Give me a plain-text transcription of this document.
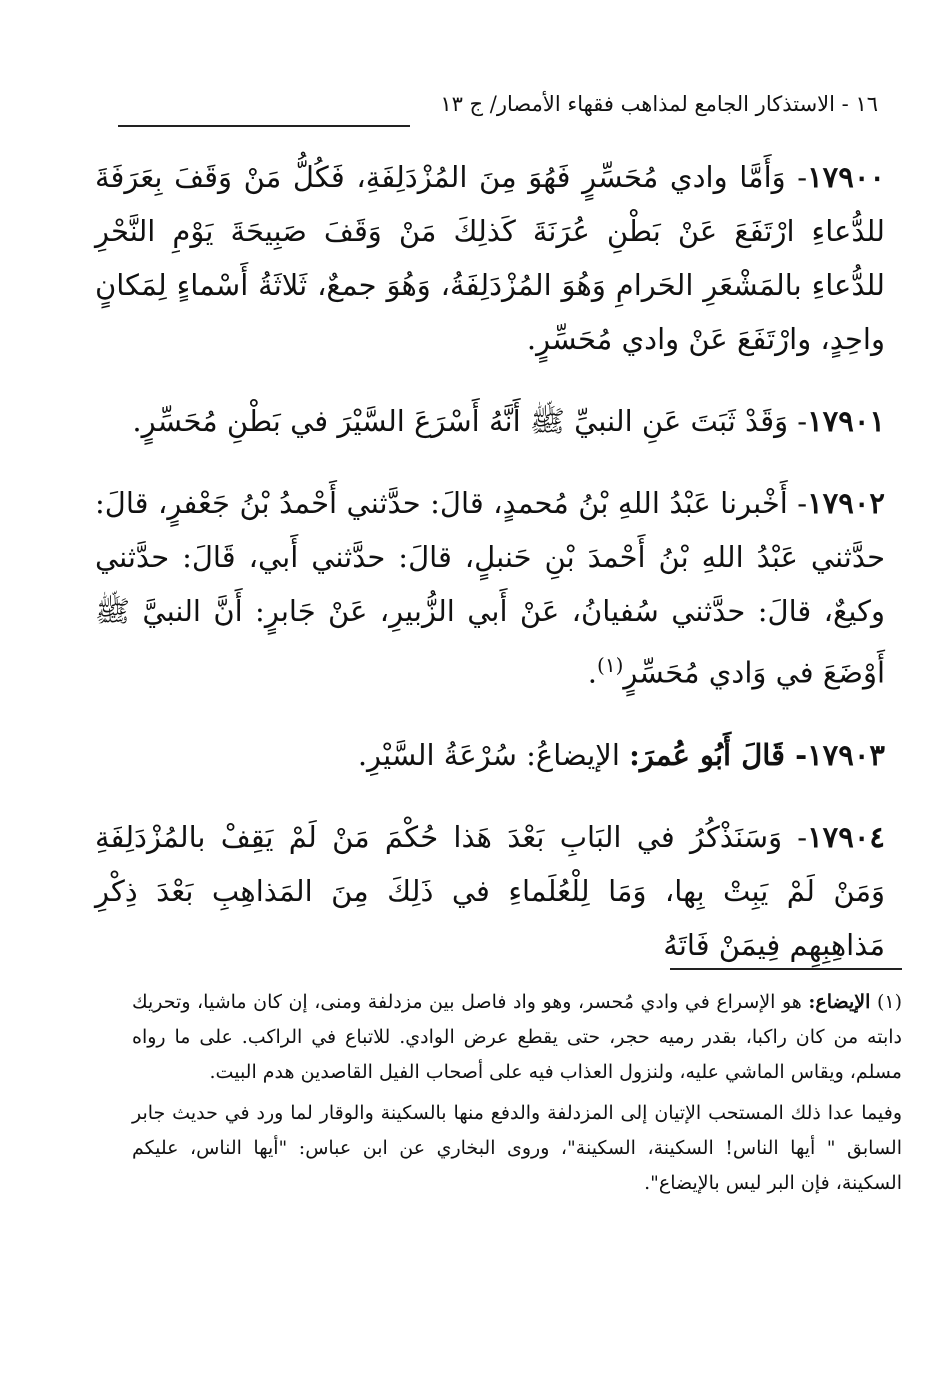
١٦ - الاستذكار الجامع لمذاهب فقهاء الأمصار/ ج ١٣

١٧٩٠٠- وَأَمَّا وادي مُحَسِّرٍ فَهُوَ مِنَ المُزْدَلِفَةِ، فَكُلُّ مَنْ وَقَفَ بِعَرَفَةَ للدُّعاءِ ارْتَفَعَ عَنْ بَطْنِ عُرَنَةَ كَذلِكَ مَنْ وَقَفَ صَبِيحَةَ يَوْمِ النَّحْرِ للدُّعاءِ بالمَشْعَرِ الحَرامِ وَهُوَ المُزْدَلِفَةُ، وَهُوَ جمعٌ، ثَلاثَةُ أَسْماءٍ لِمَكانٍ واحِدٍ، وارْتَفَعَ عَنْ وادي مُحَسِّرٍ.

١٧٩٠١- وَقَدْ ثَبَتَ عَنِ النبيِّ ﷺ أَنَّهُ أَسْرَعَ السَّيْرَ في بَطْنِ مُحَسِّرٍ.

١٧٩٠٢- أَخْبرنا عَبْدُ اللهِ بْنُ مُحمدٍ، قالَ: حدَّثني أَحْمدُ بْنُ جَعْفرٍ، قالَ: حدَّثني عَبْدُ اللهِ بْنُ أَحْمدَ بْنِ حَنبلٍ، قالَ: حدَّثني أَبي، قَالَ: حدَّثني وكيعٌ، قالَ: حدَّثني سُفيانُ، عَنْ أَبي الزُّبيرِ، عَنْ جَابرٍ: أَنَّ النبيَّ ﷺ أَوْضَعَ في وَادي مُحَسِّرٍ$^{(١)}$.

١٧٩٠٣- قَالَ أَبُو عُمرَ: الإيضاعُ: سُرْعَةُ السَّيْرِ.

١٧٩٠٤- وَسَنَذْكُرُ في البَابِ بَعْدَ هَذا حُكْمَ مَنْ لَمْ يَقِفْ بالمُزْدَلِفَةِ وَمَنْ لَمْ يَبِتْ بِها، وَمَا لِلْعُلَماءِ في ذَلِكَ مِنَ المَذاهِبِ بَعْدَ ذِكْرِ مَذاهِبِهِم فِيمَنْ فَاتَهُ

(١) الإيضاع: هو الإسراع في وادي مُحسر، وهو واد فاصل بين مزدلفة ومنى، إن كان ماشيا، وتحريك دابته من كان راكبا، بقدر رميه حجر، حتى يقطع عرض الوادي. للاتباع في الراكب. على ما رواه مسلم، ويقاس الماشي عليه، ولنزول العذاب فيه على أصحاب الفيل القاصدين هدم البيت.

وفيما عدا ذلك المستحب الإتيان إلى المزدلفة والدفع منها بالسكينة والوقار لما ورد في حديث جابر السابق " أيها الناس! السكينة، السكينة"، وروى البخاري عن ابن عباس: "أيها الناس، عليكم السكينة، فإن البر ليس بالإيضاع".
